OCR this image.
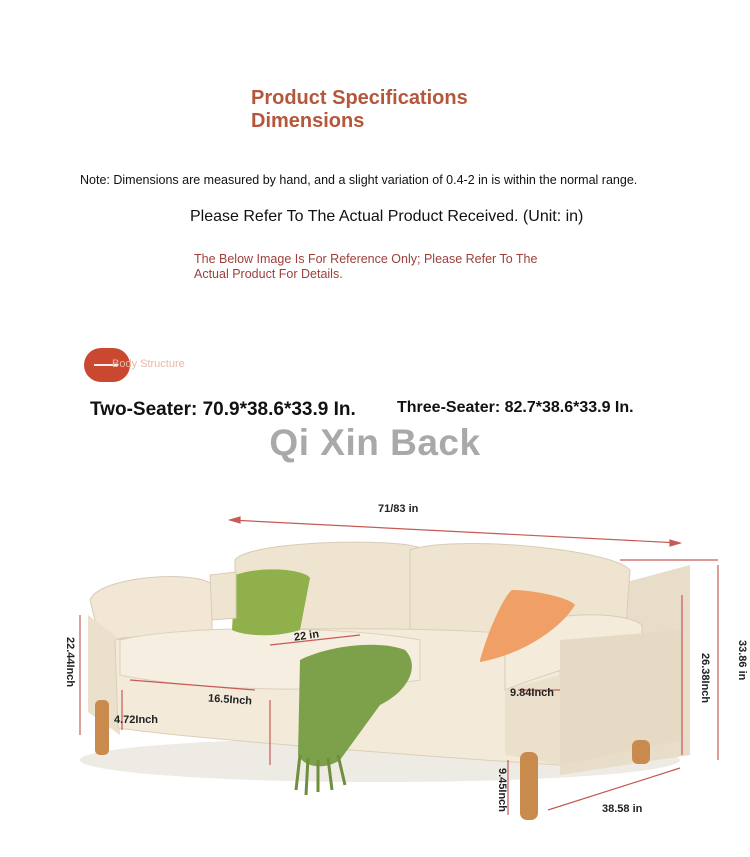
Product Specifications
Dimensions
Note: Dimensions are measured by hand, and a slight variation of 0.4-2 in is within the normal range.
Please Refer To The Actual Product Received. (Unit: in)
The Below Image Is For Reference Only; Please Refer To The Actual Product For Details.
Body Structure
Two-Seater: 70.9*38.6*33.9 In.	Three-Seater: 82.7*38.6*33.9 In.
Qi Xin Back
71/83 in
22 in
22.44Inch
4.72Inch
16.5Inch	9.84Inch
9.45Inch	38.58 in
26.38Inch 33.86 in
